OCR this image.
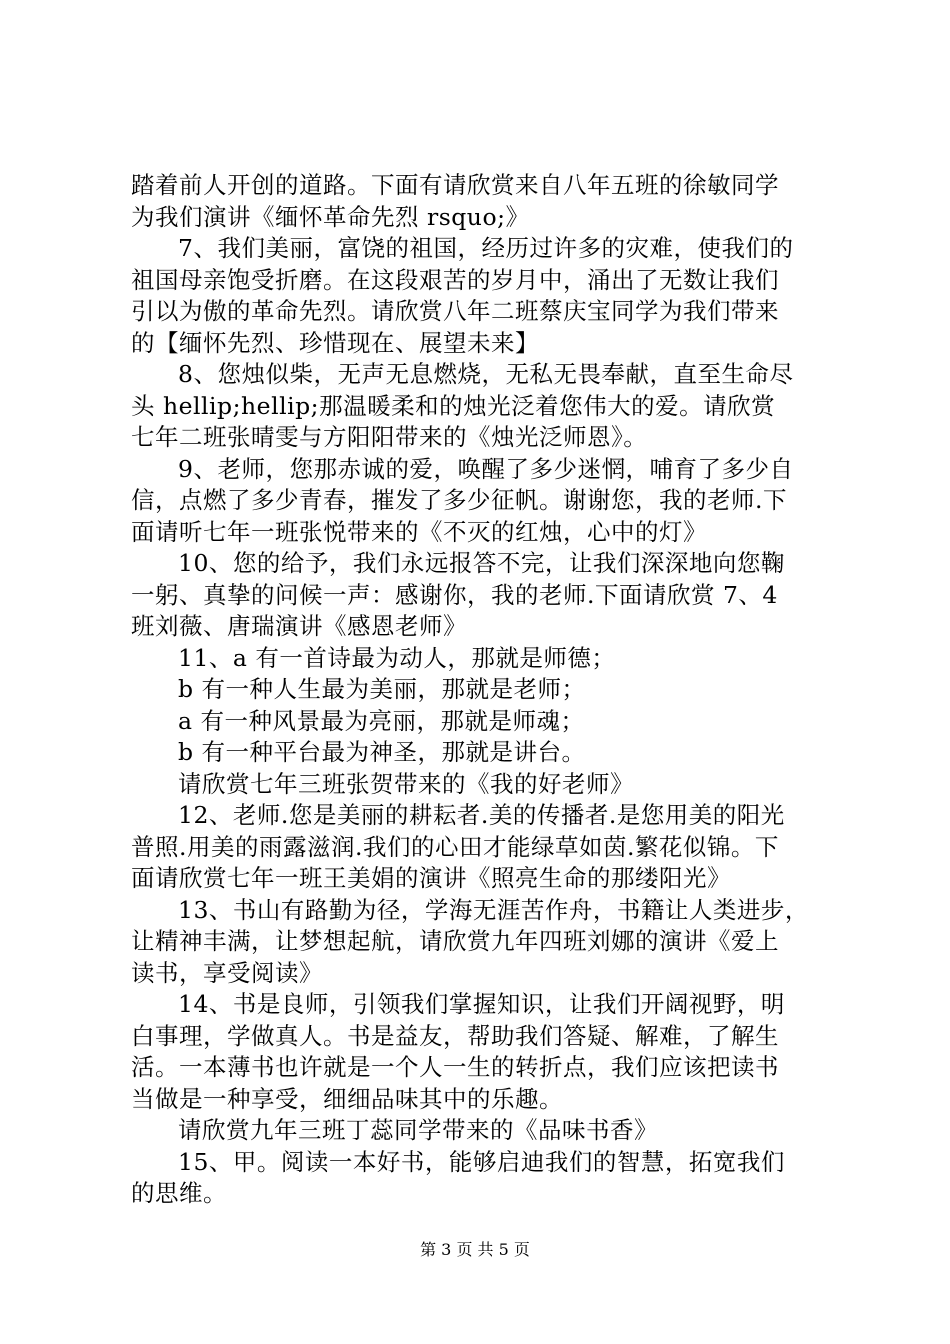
踏着前人开创的道路。下面有请欣赏来自八年五班的徐敏同学
为我们演讲《缅怀革命先烈 rsquo;》
7、我们美丽，富饶的祖国，经历过许多的灾难，使我们的
祖国母亲饱受折磨。在这段艰苦的岁月中，涌出了无数让我们
引以为傲的革命先烈。请欣赏八年二班蔡庆宝同学为我们带来
的【缅怀先烈、珍惜现在、展望未来】
8、您烛似柴，无声无息燃烧，无私无畏奉献，直至生命尽
头 hellip;hellip;那温暖柔和的烛光泛着您伟大的爱。请欣赏
七年二班张晴雯与方阳阳带来的《烛光泛师恩》。
9、老师，您那赤诚的爱，唤醒了多少迷惘，哺育了多少自
信，点燃了多少青春，摧发了多少征帆。谢谢您，我的老师.下
面请听七年一班张悦带来的《不灭的红烛，心中的灯》
10、您的给予，我们永远报答不完，让我们深深地向您鞠
一躬、真挚的问候一声：感谢你，我的老师.下面请欣赏 7、4
班刘薇、唐瑞演讲《感恩老师》
11、a 有一首诗最为动人，那就是师德；
b 有一种人生最为美丽，那就是老师；
a 有一种风景最为亮丽，那就是师魂；
b 有一种平台最为神圣，那就是讲台。
请欣赏七年三班张贺带来的《我的好老师》
12、老师.您是美丽的耕耘者.美的传播者.是您用美的阳光
普照.用美的雨露滋润.我们的心田才能绿草如茵.繁花似锦。下
面请欣赏七年一班王美娟的演讲《照亮生命的那缕阳光》
13、书山有路勤为径，学海无涯苦作舟，书籍让人类进步，
让精神丰满，让梦想起航，请欣赏九年四班刘娜的演讲《爱上
读书，享受阅读》
14、书是良师，引领我们掌握知识，让我们开阔视野，明
白事理，学做真人。书是益友，帮助我们答疑、解难，了解生
活。一本薄书也许就是一个人一生的转折点，我们应该把读书
当做是一种享受，细细品味其中的乐趣。
请欣赏九年三班丁蕊同学带来的《品味书香》
15、甲。阅读一本好书，能够启迪我们的智慧，拓宽我们
的思维。
第 3 页 共 5 页
